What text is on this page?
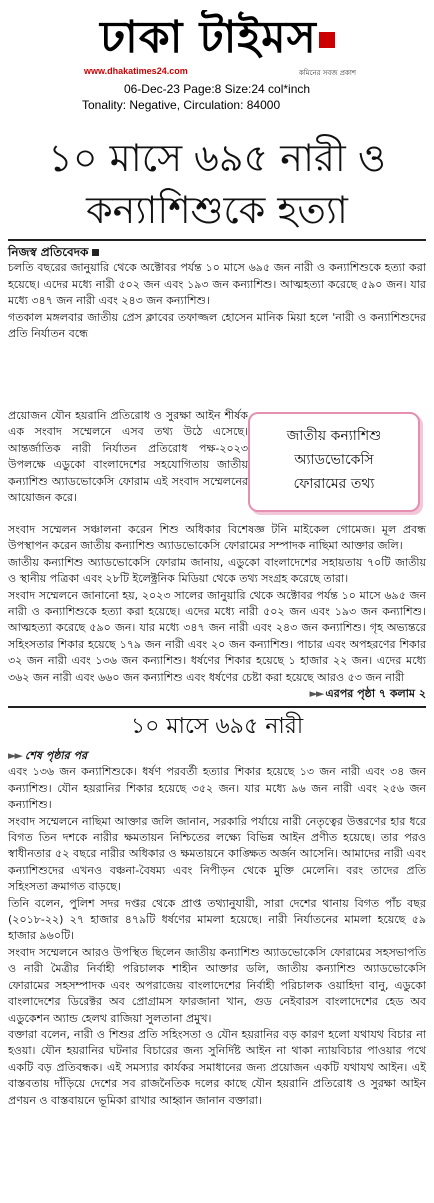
ঢাকা টাইমস
www.dhakatimes24.com	কমিনের সবজ প্রকাশ
06-Dec-23 Page:8 Size:24 col*inch
Tonality: Negative, Circulation: 84000
১০ মাসে ৬৯৫ নারী ও
কন্যাশিশুকে হত্যা

নিজস্ব প্রতিবেদক

চলতি বছরের জানুয়ারি থেকে অক্টোবর পর্যন্ত ১০ মাসে ৬৯৫ জন নারী ও কন্যাশিশুকে হত্যা করা হয়েছে। এদের মধ্যে নারী ৫০২ জন এবং ১৯৩ জন কন্যাশিশু। আত্মহত্যা করেছে ৫৯০ জন। যার মধ্যে ৩৪৭ জন নারী এবং ২৪৩ জন কন্যাশিশু।

গতকাল মঙ্গলবার জাতীয় প্রেস ক্লাবের তফাজ্জল হোসেন মানিক মিয়া হলে 'নারী ও কন্যাশিশুদের প্রতি নির্যাতন বন্ধে

প্রয়োজন যৌন হয়রানি প্রতিরোধ ও সুরক্ষা আইন শীর্ষক এক সংবাদ সম্মেলনে এসব তথ্য উঠে এসেছে। আন্তর্জাতিক নারী নির্যাতন প্রতিরোধ পক্ষ-২০২৩ উপলক্ষে এডুকো বাংলাদেশের সহযোগিতায় জাতীয় কন্যাশিশু অ্যাডভোকেসি ফোরাম এই সংবাদ সম্মেলনের আয়োজন করে।

জাতীয় কন্যাশিশু
অ্যাডভোকেসি
ফোরামের তথ্য

সংবাদ সম্মেলন সঞ্চালনা করেন শিশু অধিকার বিশেষজ্ঞ টনি মাইকেল গোমেজ। মূল প্রবন্ধ উপস্থাপন করেন জাতীয় কন্যাশিশু অ্যাডভোকেসি ফোরামের সম্পাদক নাছিমা আক্তার জলি।

জাতীয় কন্যাশিশু অ্যাডভোকেসি ফোরাম জানায়, এডুকো বাংলাদেশের সহায়তায় ৭০টি জাতীয় ও স্থানীয় পত্রিকা এবং ২৮টি ইলেক্ট্রনিক মিডিয়া থেকে তথ্য সংগ্রহ করেছে তারা।

সংবাদ সম্মেলনে জানানো হয়, ২০২৩ সালের জানুয়ারি থেকে অক্টোবর পর্যন্ত ১০ মাসে ৬৯৫ জন নারী ও কন্যাশিশুকে হত্যা করা হয়েছে। এদের মধ্যে নারী ৫০২ জন এবং ১৯৩ জন কন্যাশিশু। আত্মহত্যা করেছে ৫৯০ জন। যার মধ্যে ৩৪৭ জন নারী এবং ২৪৩ জন কন্যাশিশু। গৃহ অভ্যন্তরে সহিংসতার শিকার হয়েছে ১৭৯ জন নারী এবং ২০ জন কন্যাশিশু। পাচার এবং অপহরণের শিকার ৩২ জন নারী এবং ১৩৬ জন কন্যাশিশু। ধর্ষণের শিকার হয়েছে ১ হাজার ২২ জন। এদের মধ্যে ৩৬২ জন নারী এবং ৬৬০ জন কন্যাশিশু এবং ধর্ষণের চেষ্টা করা হয়েছে আরও ৫৩ জন নারী

►► এরপর পৃষ্ঠা ৭ কলাম ২

১০ মাসে ৬৯৫ নারী

►► শেষ পৃষ্ঠার পর

এবং ১৩৬ জন কন্যাশিশুকে। ধর্ষণ পরবর্তী হত্যার শিকার হয়েছে ১৩ জন নারী এবং ৩৪ জন কন্যাশিশু। যৌন হয়রানির শিকার হয়েছে ৩৫২ জন। যার মধ্যে ৯৬ জন নারী এবং ২৫৬ জন কন্যাশিশু।

সংবাদ সম্মেলনে নাছিমা আক্তার জলি জানান, সরকারি পর্যায়ে নারী নেতৃত্বের উত্তরণের হার ধরে বিগত তিন দশকে নারীর ক্ষমতায়ন নিশ্চিতের লক্ষ্যে বিভিন্ন আইন প্রণীত হয়েছে। তার পরও স্বাধীনতার ৫২ বছরে নারীর অধিকার ও ক্ষমতায়নে কাঙ্ক্ষিত অর্জন আসেনি। আমাদের নারী এবং কন্যাশিশুদের এখনও বঞ্চনা-বৈষম্য এবং নিপীড়ন থেকে মুক্তি মেলেনি। বরং তাদের প্রতি সহিংসতা ক্রমাগত বাড়ছে।

তিনি বলেন, পুলিশ সদর দপ্তর থেকে প্রাপ্ত তথ্যানুযায়ী, সারা দেশের থানায় বিগত পাঁচ বছর (২০১৮-২২) ২৭ হাজার ৪৭৯টি ধর্ষণের মামলা হয়েছে। নারী নির্যাতনের মামলা হয়েছে ৫৯ হাজার ৯৬০টি।

সংবাদ সম্মেলনে আরও উপস্থিত ছিলেন জাতীয় কন্যাশিশু অ্যাডভোকেসি ফোরামের সহসভাপতি ও নারী মৈত্রীর নির্বাহী পরিচালক শাহীন আক্তার ডলি, জাতীয় কন্যাশিশু অ্যাডভোকেসি ফোরামের সহসম্পাদক এবং অপরাজেয় বাংলাদেশের নির্বাহী পরিচালক ওয়াহিদা বানু, এডুকো বাংলাদেশের ডিরেক্টর অব প্রোগ্রামস ফারজানা খান, গুড নেইবারস বাংলাদেশের হেড অব এডুকেশন অ্যান্ড হেলথ রাজিয়া সুলতানা প্রমুখ।

বক্তারা বলেন, নারী ও শিশুর প্রতি সহিংসতা ও যৌন হয়রানির বড় কারণ হলো যথাযথ বিচার না হওয়া। যৌন হয়রানির ঘটনার বিচারের জন্য সুনির্দিষ্ট আইন না থাকা ন্যায়বিচার পাওয়ার পথে একটি বড় প্রতিবন্ধক। এই সমস্যার কার্যকর সমাধানের জন্য প্রয়োজন একটি যথাযথ আইন। এই বাস্তবতায় দাঁড়িয়ে দেশের সব রাজনৈতিক দলের কাছে যৌন হয়রানি প্রতিরোধ ও সুরক্ষা আইন প্রণয়ন ও বাস্তবায়নে ভূমিকা রাখার আহ্বান জানান বক্তারা।
